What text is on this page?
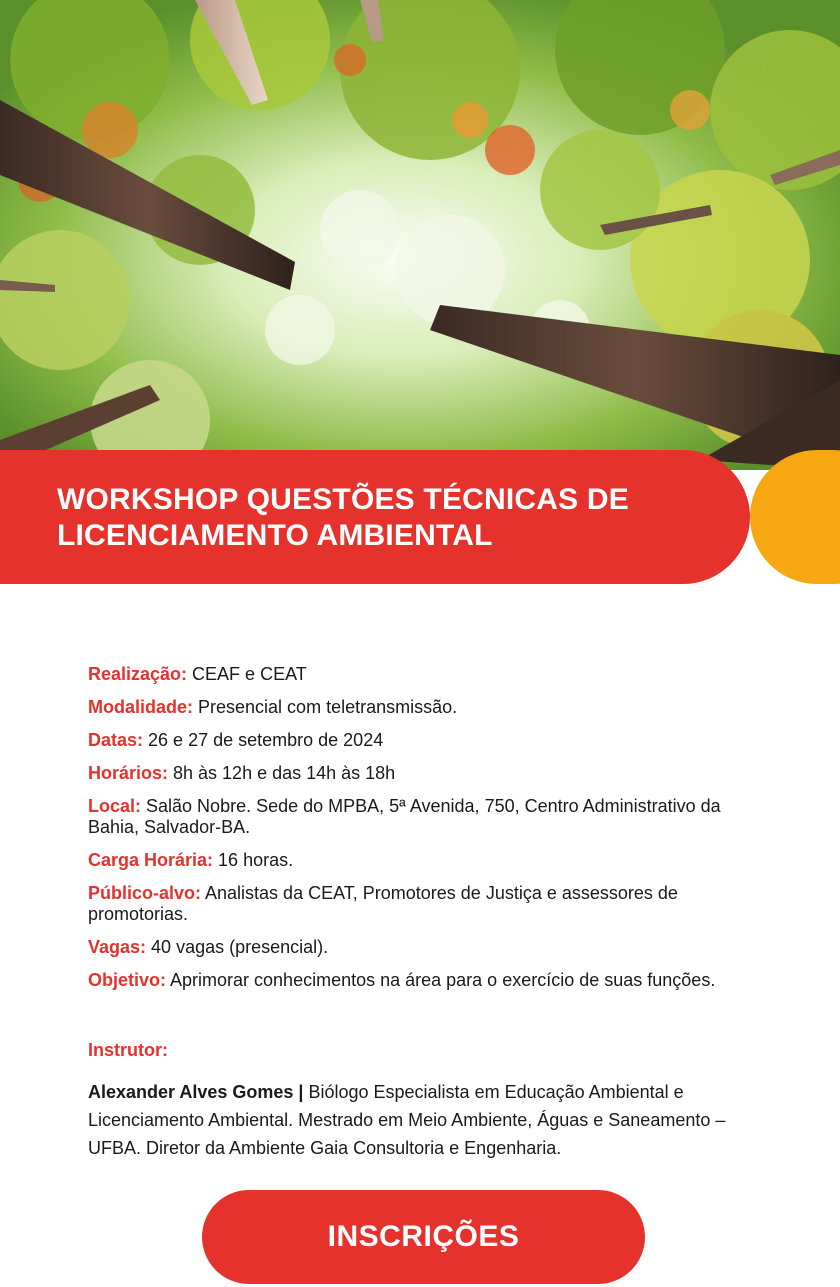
WORKSHOP QUESTÕES TÉCNICAS DE
LICENCIAMENTO AMBIENTAL
Realização: CEAF e CEAT
Modalidade: Presencial com teletransmissão.
Datas: 26 e 27 de setembro de 2024
Horários: 8h às 12h e das 14h às 18h
Local: Salão Nobre. Sede do MPBA, 5ª Avenida, 750, Centro Administrativo da Bahia, Salvador-BA.
Carga Horária: 16 horas.
Público-alvo: Analistas da CEAT, Promotores de Justiça e assessores de promotorias.
Vagas: 40 vagas (presencial).
Objetivo: Aprimorar conhecimentos na área para o exercício de suas funções.
Instrutor:
Alexander Alves Gomes | Biólogo Especialista em Educação Ambiental e Licenciamento Ambiental. Mestrado em Meio Ambiente, Águas e Saneamento – UFBA. Diretor da Ambiente Gaia Consultoria e Engenharia.
INSCRIÇÕES
